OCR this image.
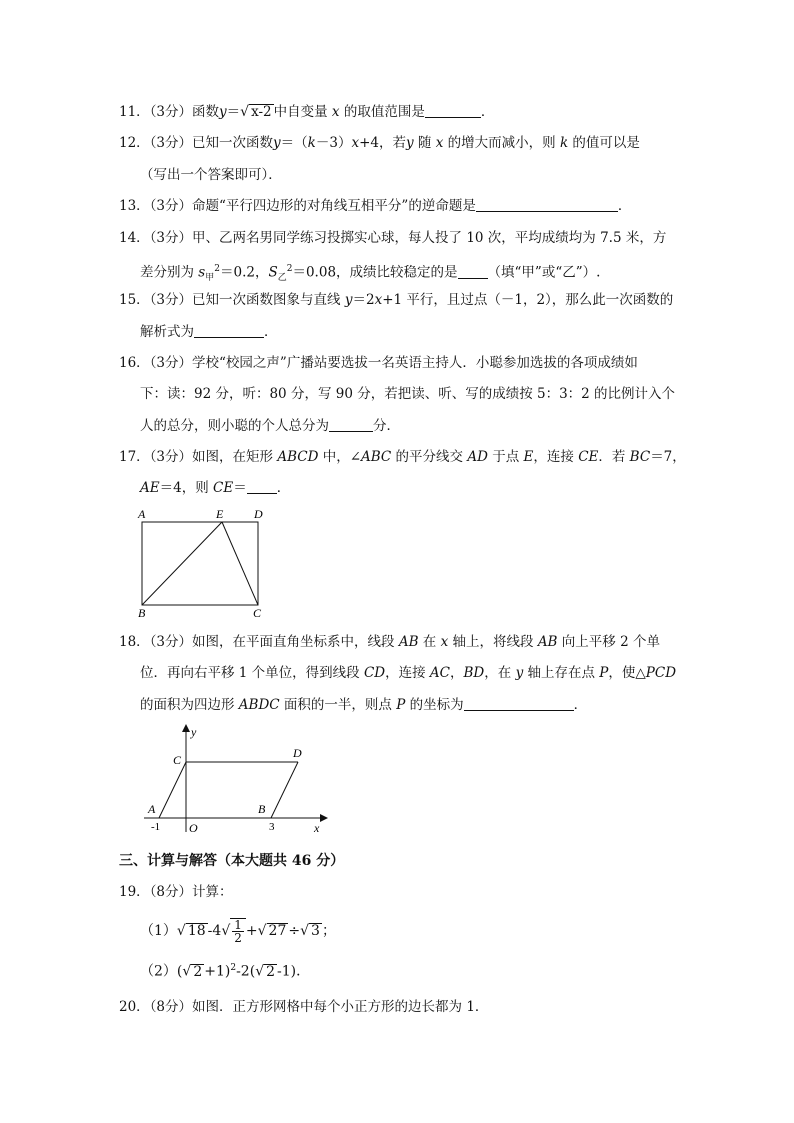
11．（3分）函数y＝√ x-2 中自变量 x 的取值范围是	．
12．（3分）已知一次函数y＝（k－3）x+4，若y 随 x 的增大而减小，则 k 的值可以是
（写出一个答案即可）．
13．（3分）命题“平行四边形的对角线互相平分”的逆命题是	．
14．（3分）甲、乙两名男同学练习投掷实心球，每人投了 10 次，平均成绩均为 7.5 米，方
差分别为 $s_甲^2=0.2$，$S_乙^2=0.08$，成绩比较稳定的是 （填“甲”或“乙”）.
15．（3分）已知一次函数图象与直线 y＝2x+1 平行，且过点（－1，2），那么此一次函数的
解析式为	．
16．（3分）学校“校园之声”广播站要选拔一名英语主持人．小聪参加选拔的各项成绩如
下：读：92 分，听：80 分，写 90 分，若把读、听、写的成绩按 5：3：2 的比例计入个
人的总分，则小聪的个人总分为	分．
17．（3分）如图，在矩形 ABCD 中，∠ABC 的平分线交 AD 于点 E，连接 CE．若 BC＝7，
AE＝4，则 CE＝ ．
A	E	D
B	C
18．（3分）如图，在平面直角坐标系中，线段 AB 在 x 轴上，将线段 AB 向上平移 2 个单
位．再向右平移 1 个单位，得到线段 CD，连接 AC，BD，在 y 轴上存在点 P，使△PCD
的面积为四边形 ABDC 面积的一半，则点 P 的坐标为	．
y
x
C	D
A	B
O
-1	3
三、计算与解答（本大题共 46 分）
19．（8分）计算：
（1）√ 18 $-4√ \frac{1}{2}$ +√ 27 ÷√ 3 ；
（2）(√ 2 +1)$^2$-2(√ 2 -1)．
20．（8分）如图．正方形网格中每个小正方形的边长都为 1．
